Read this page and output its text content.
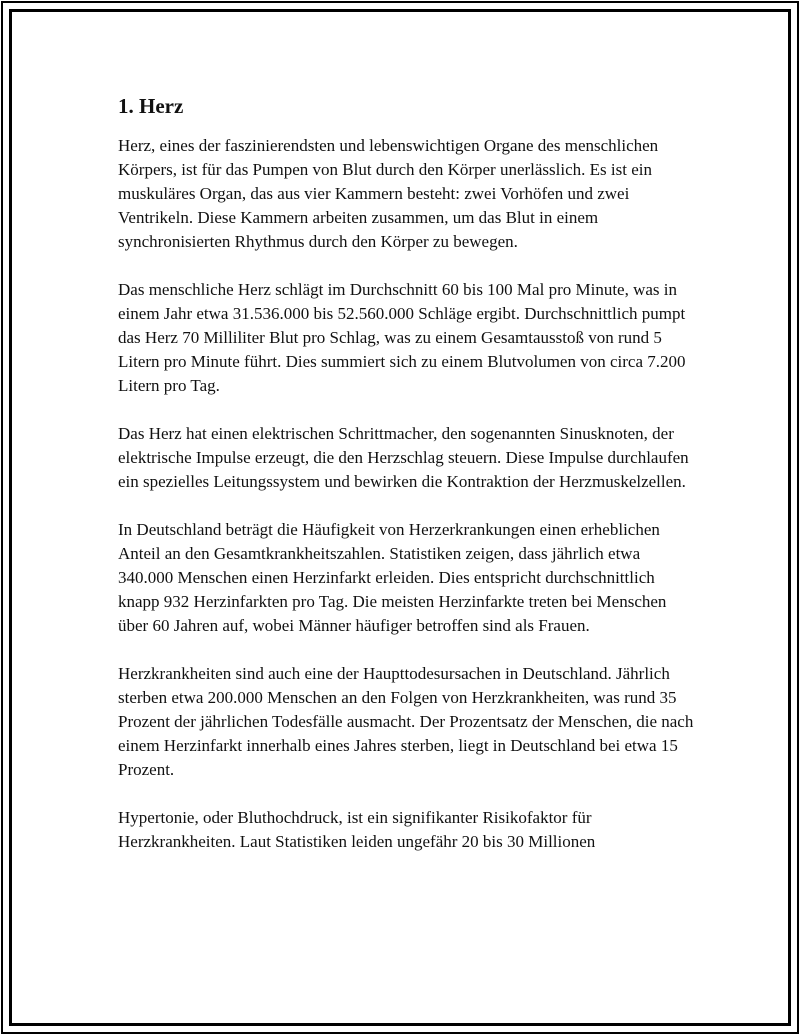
1. Herz

Herz, eines der faszinierendsten und lebenswichtigen Organe des menschlichen Körpers, ist für das Pumpen von Blut durch den Körper unerlässlich. Es ist ein muskuläres Organ, das aus vier Kammern besteht: zwei Vorhöfen und zwei Ventrikeln. Diese Kammern arbeiten zusammen, um das Blut in einem synchronisierten Rhythmus durch den Körper zu bewegen.

Das menschliche Herz schlägt im Durchschnitt 60 bis 100 Mal pro Minute, was in einem Jahr etwa 31.536.000 bis 52.560.000 Schläge ergibt. Durchschnittlich pumpt das Herz 70 Milliliter Blut pro Schlag, was zu einem Gesamtausstoß von rund 5 Litern pro Minute führt. Dies summiert sich zu einem Blutvolumen von circa 7.200 Litern pro Tag.

Das Herz hat einen elektrischen Schrittmacher, den sogenannten Sinusknoten, der elektrische Impulse erzeugt, die den Herzschlag steuern. Diese Impulse durchlaufen ein spezielles Leitungssystem und bewirken die Kontraktion der Herzmuskelzellen.

In Deutschland beträgt die Häufigkeit von Herzerkrankungen einen erheblichen Anteil an den Gesamtkrankheitszahlen. Statistiken zeigen, dass jährlich etwa 340.000 Menschen einen Herzinfarkt erleiden. Dies entspricht durchschnittlich knapp 932 Herzinfarkten pro Tag. Die meisten Herzinfarkte treten bei Menschen über 60 Jahren auf, wobei Männer häufiger betroffen sind als Frauen.

Herzkrankheiten sind auch eine der Haupttodesursachen in Deutschland. Jährlich sterben etwa 200.000 Menschen an den Folgen von Herzkrankheiten, was rund 35 Prozent der jährlichen Todesfälle ausmacht. Der Prozentsatz der Menschen, die nach einem Herzinfarkt innerhalb eines Jahres sterben, liegt in Deutschland bei etwa 15 Prozent.

Hypertonie, oder Bluthochdruck, ist ein signifikanter Risikofaktor für Herzkrankheiten. Laut Statistiken leiden ungefähr 20 bis 30 Millionen
